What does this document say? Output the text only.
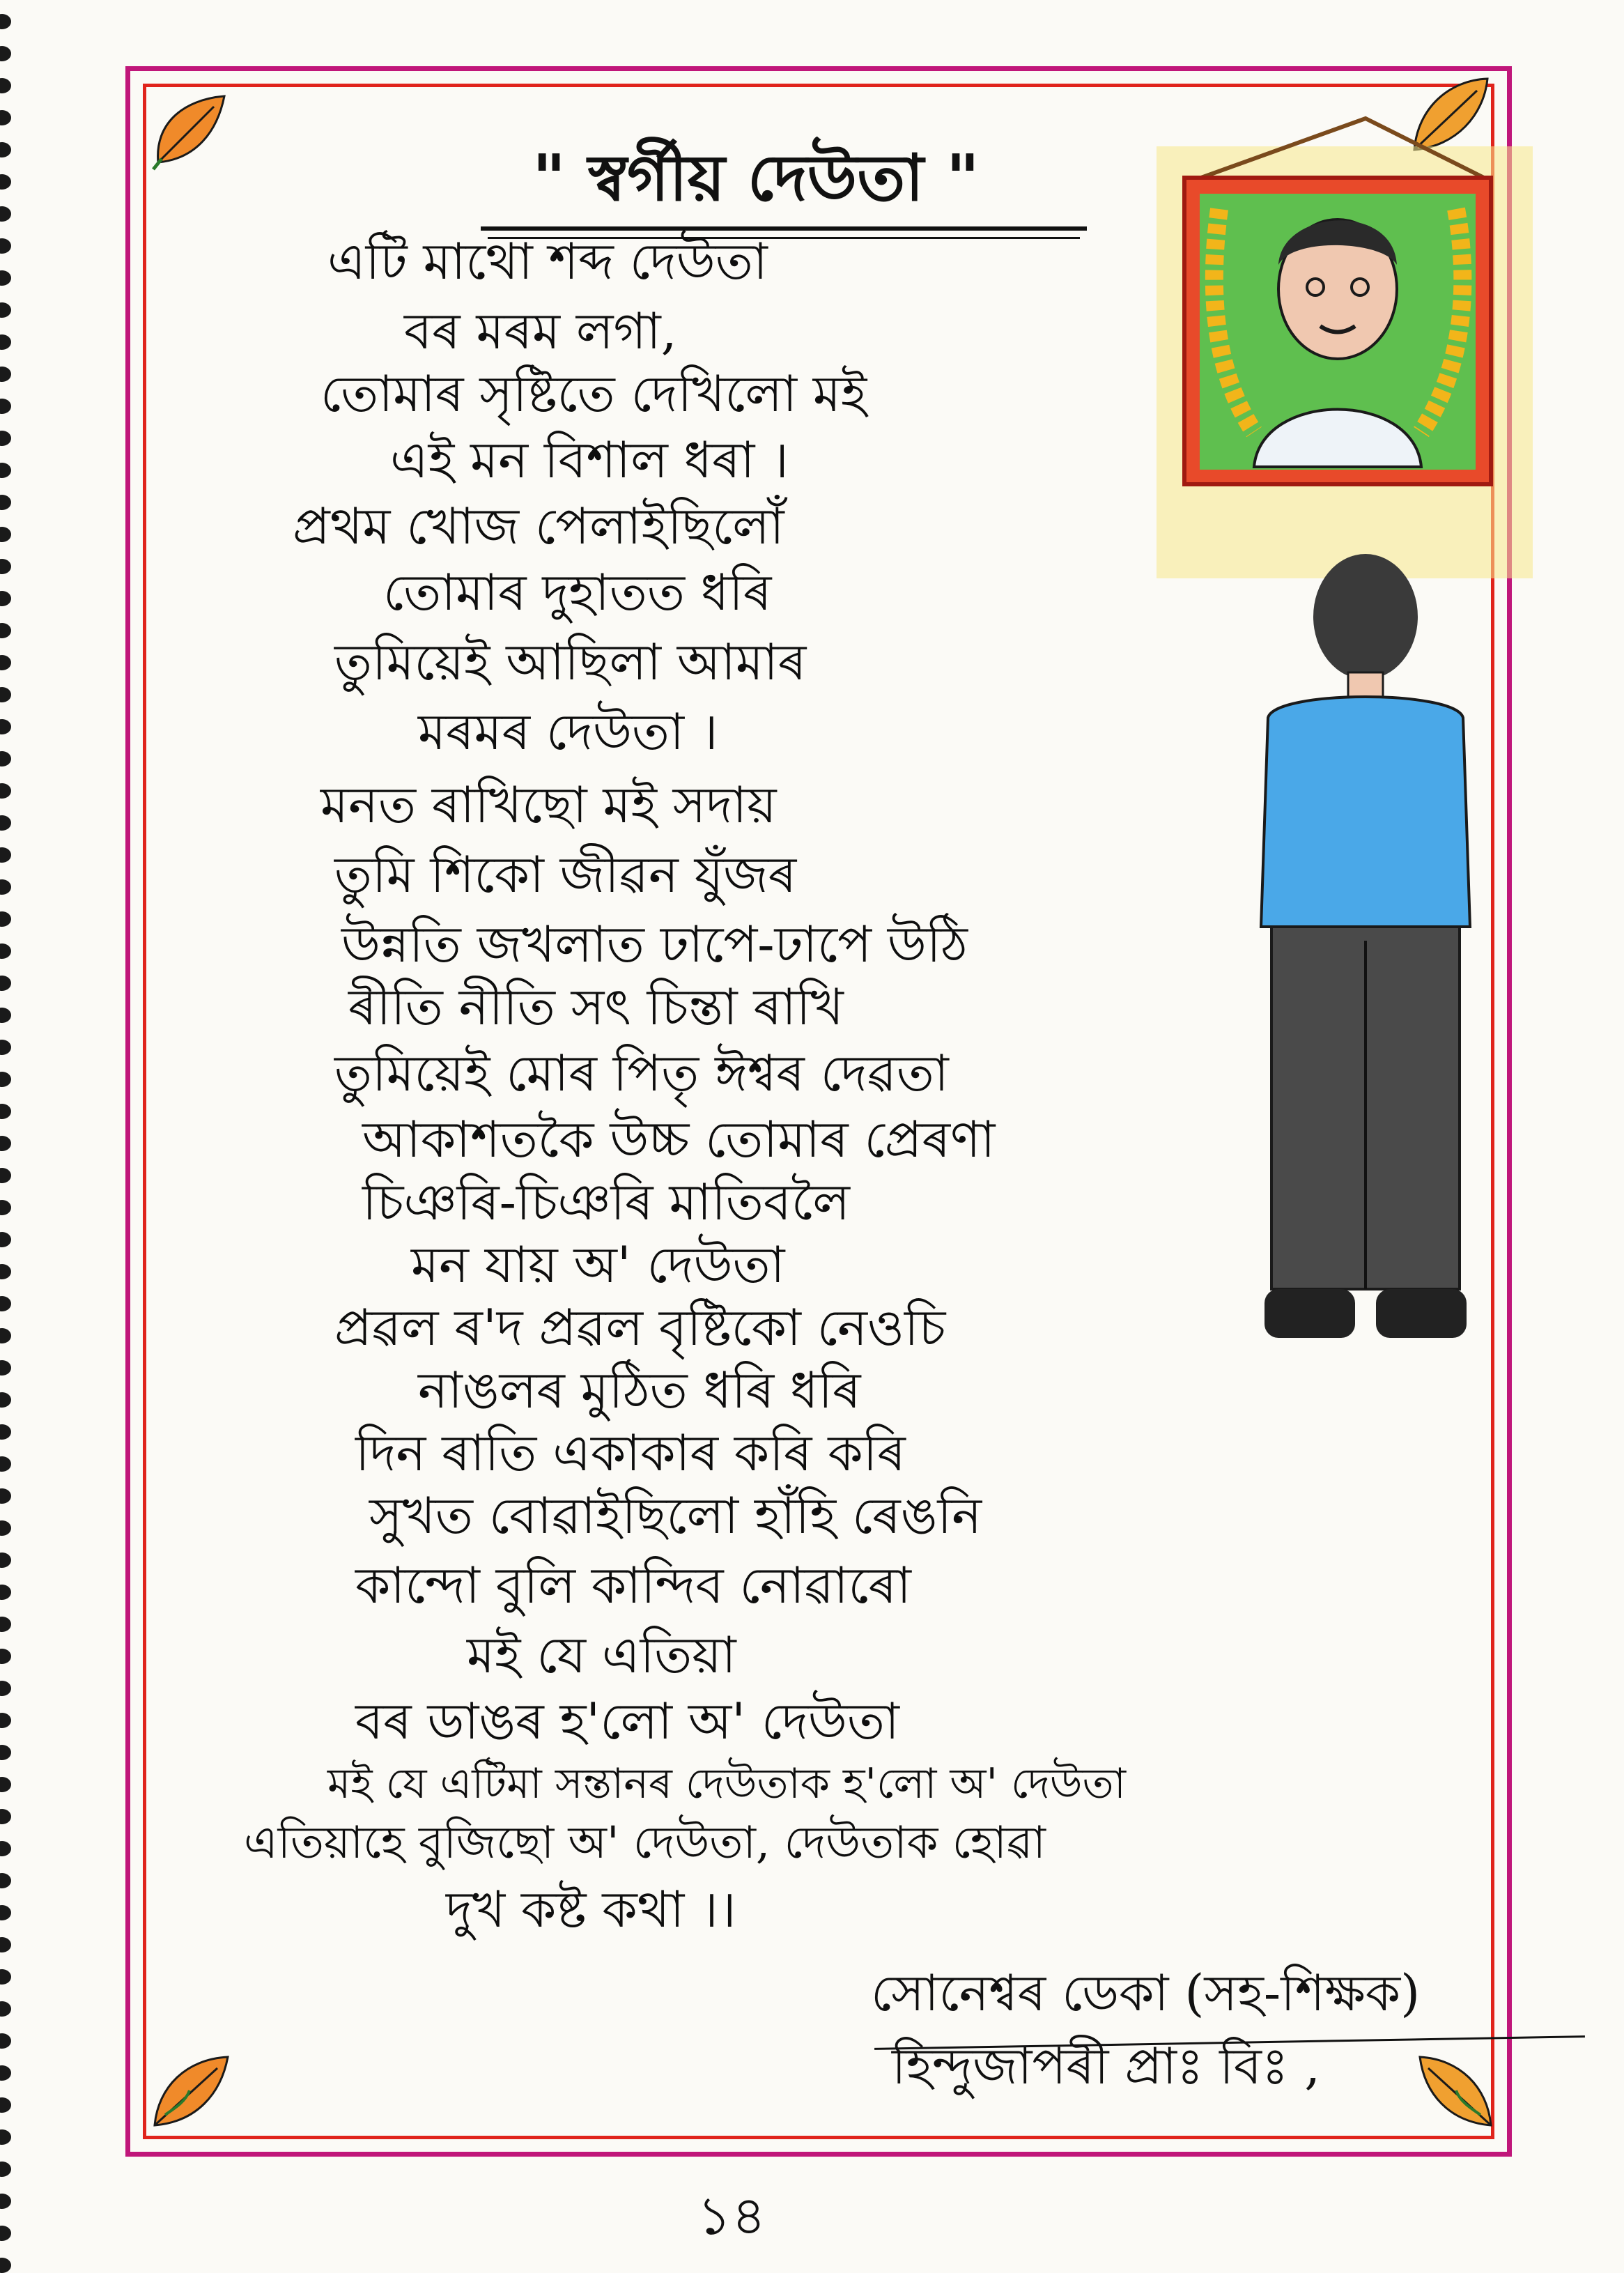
" স্বৰ্গীয় দেউতা "
এটি মাথো শব্দ দেউতা
বৰ মৰম লগা,
তোমাৰ সৃষ্টিতে দেখিলো মই
এই মন বিশাল ধৰা ।
প্ৰথম খোজ পেলাইছিলোঁ
তোমাৰ দুহাতত ধৰি
তুমিয়েই আছিলা আমাৰ
মৰমৰ দেউতা ।
মনত ৰাখিছো মই সদায়
তুমি শিকো জীৱন যুঁজৰ
উন্নতি জখলাত ঢাপে-ঢাপে উঠি
ৰীতি নীতি সৎ চিন্তা ৰাখি
তুমিয়েই মোৰ পিতৃ ঈশ্বৰ দেৱতা
আকাশতকৈ উচ্চ তোমাৰ প্ৰেৰণা
চিঞৰি-চিঞৰি মাতিবলৈ
মন যায় অ' দেউতা
প্ৰৱল ৰ'দ প্ৰৱল বৃষ্টিকো নেওচি
নাঙলৰ মুঠিত ধৰি ধৰি
দিন ৰাতি একাকাৰ কৰি কৰি
সুখত বোৱাইছিলো হাঁহি ৰেঙনি
কান্দো বুলি কান্দিব নোৱাৰো
মই যে এতিয়া
বৰ ডাঙৰ হ'লো অ' দেউতা
মই যে এটিমা সন্তানৰ দেউতাক হ'লো অ' দেউতা
এতিয়াহে বুজিছো অ' দেউতা, দেউতাক হোৱা
দুখ কষ্ট কথা ।।
সোনেশ্বৰ ডেকা (সহ-শিক্ষক)
হিন্দুজাপৰী প্ৰাঃ বিঃ ,
১৪
